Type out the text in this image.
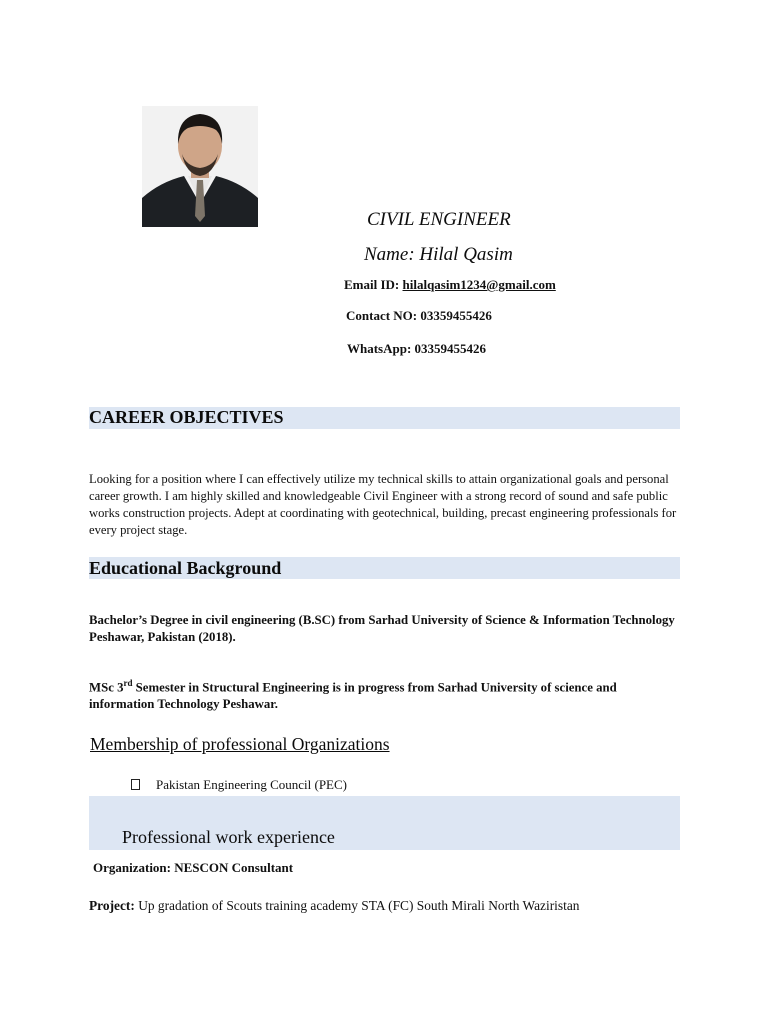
CIVIL ENGINEER
Name: Hilal Qasim
Email ID: hilalqasim1234@gmail.com
Contact NO: 03359455426
WhatsApp: 03359455426
CAREER OBJECTIVES
Looking for a position where I can effectively utilize my technical skills to attain organizational goals and personal career growth. I am highly skilled and knowledgeable Civil Engineer with a strong record of sound and safe public works construction projects. Adept at coordinating with geotechnical, building, precast engineering professionals for every project stage.
Educational Background
Bachelor’s Degree in civil engineering (B.SC) from Sarhad University of Science & Information Technology Peshawar, Pakistan (2018).
MSc 3rd Semester in Structural Engineering is in progress from Sarhad University of science and information Technology Peshawar.
Membership of professional Organizations
Pakistan Engineering Council (PEC)
Professional work experience
Organization: NESCON Consultant
Project: Up gradation of Scouts training academy STA (FC) South Mirali North Waziristan
